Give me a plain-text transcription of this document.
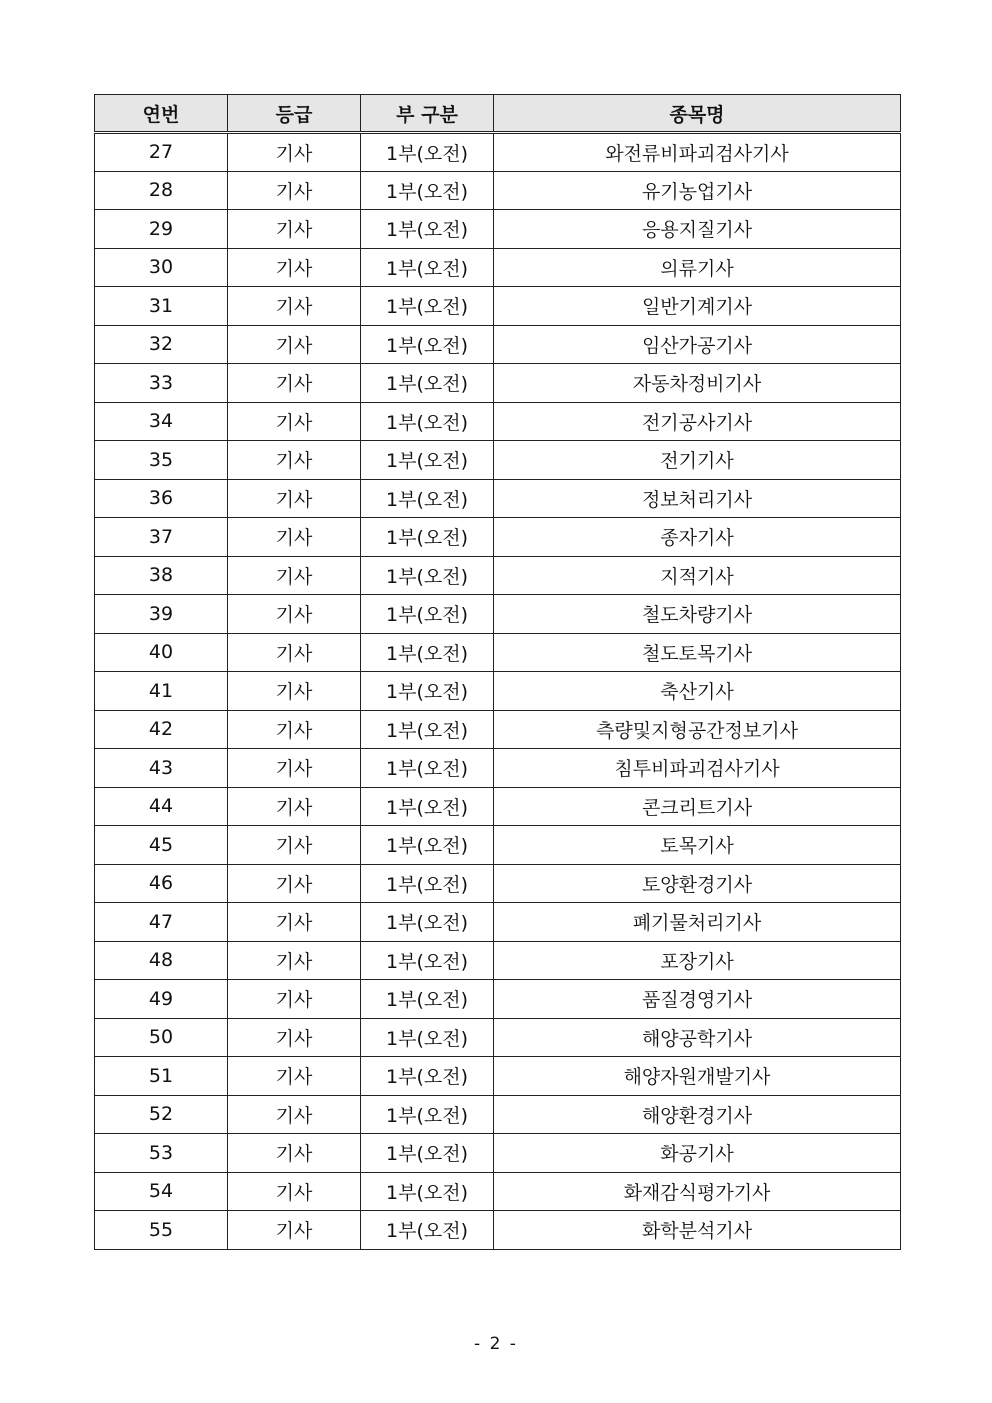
연번	등급	부 구분	종목명
27	기사	1부(오전)	와전류비파괴검사기사
28	기사	1부(오전)	유기농업기사
29	기사	1부(오전)	응용지질기사
30	기사	1부(오전)	의류기사
31	기사	1부(오전)	일반기계기사
32	기사	1부(오전)	임산가공기사
33	기사	1부(오전)	자동차정비기사
34	기사	1부(오전)	전기공사기사
35	기사	1부(오전)	전기기사
36	기사	1부(오전)	정보처리기사
37	기사	1부(오전)	종자기사
38	기사	1부(오전)	지적기사
39	기사	1부(오전)	철도차량기사
40	기사	1부(오전)	철도토목기사
41	기사	1부(오전)	축산기사
42	기사	1부(오전)	측량및지형공간정보기사
43	기사	1부(오전)	침투비파괴검사기사
44	기사	1부(오전)	콘크리트기사
45	기사	1부(오전)	토목기사
46	기사	1부(오전)	토양환경기사
47	기사	1부(오전)	폐기물처리기사
48	기사	1부(오전)	포장기사
49	기사	1부(오전)	품질경영기사
50	기사	1부(오전)	해양공학기사
51	기사	1부(오전)	해양자원개발기사
52	기사	1부(오전)	해양환경기사
53	기사	1부(오전)	화공기사
54	기사	1부(오전)	화재감식평가기사
55	기사	1부(오전)	화학분석기사
- 2 -
